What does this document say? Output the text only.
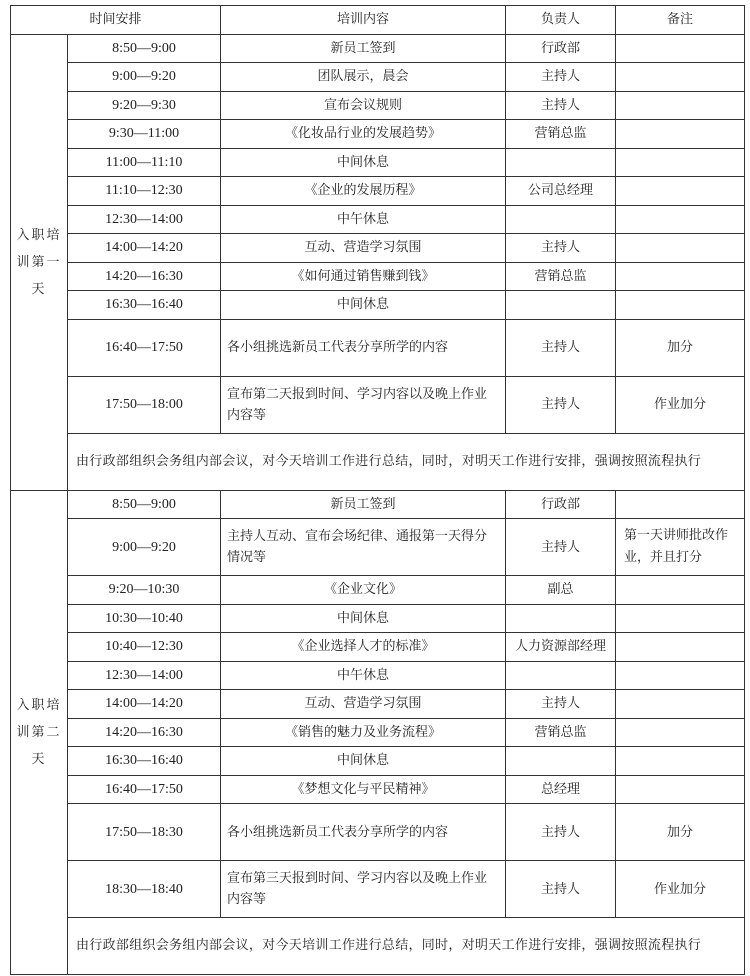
时间安排		培训内容	负责人	备注
入职培训第一天	8:50—9:00	新员工签到	行政部	
	9:00—9:20	团队展示，晨会	主持人	
	9:20—9:30	宣布会议规则	主持人	
	9:30—11:00	《化妆品行业的发展趋势》	营销总监	
	11:00—11:10	中间休息		
	11:10—12:30	《企业的发展历程》	公司总经理	
	12:30—14:00	中午休息		
	14:00—14:20	互动、营造学习氛围	主持人	
	14:20—16:30	《如何通过销售赚到钱》	营销总监	
	16:30—16:40	中间休息		
	16:40—17:50	各小组挑选新员工代表分享所学的内容	主持人	加分
	17:50—18:00	宣布第二天报到时间、学习内容以及晚上作业内容等	主持人	作业加分
	由行政部组织会务组内部会议，对今天培训工作进行总结，同时，对明天工作进行安排，强调按照流程执行			
入职培训第二天	8:50—9:00	新员工签到	行政部	
	9:00—9:20	主持人互动、宣布会场纪律、通报第一天得分情况等	主持人	第一天讲师批改作业，并且打分
	9:20—10:30	《企业文化》	副总	
	10:30—10:40	中间休息		
	10:40—12:30	《企业选择人才的标准》	人力资源部经理	
	12:30—14:00	中午休息		
	14:00—14:20	互动、营造学习氛围	主持人	
	14:20—16:30	《销售的魅力及业务流程》	营销总监	
	16:30—16:40	中间休息		
	16:40—17:50	《梦想文化与平民精神》	总经理	
	17:50—18:30	各小组挑选新员工代表分享所学的内容	主持人	加分
	18:30—18:40	宣布第三天报到时间、学习内容以及晚上作业内容等	主持人	作业加分
	由行政部组织会务组内部会议，对今天培训工作进行总结，同时，对明天工作进行安排，强调按照流程执行			
